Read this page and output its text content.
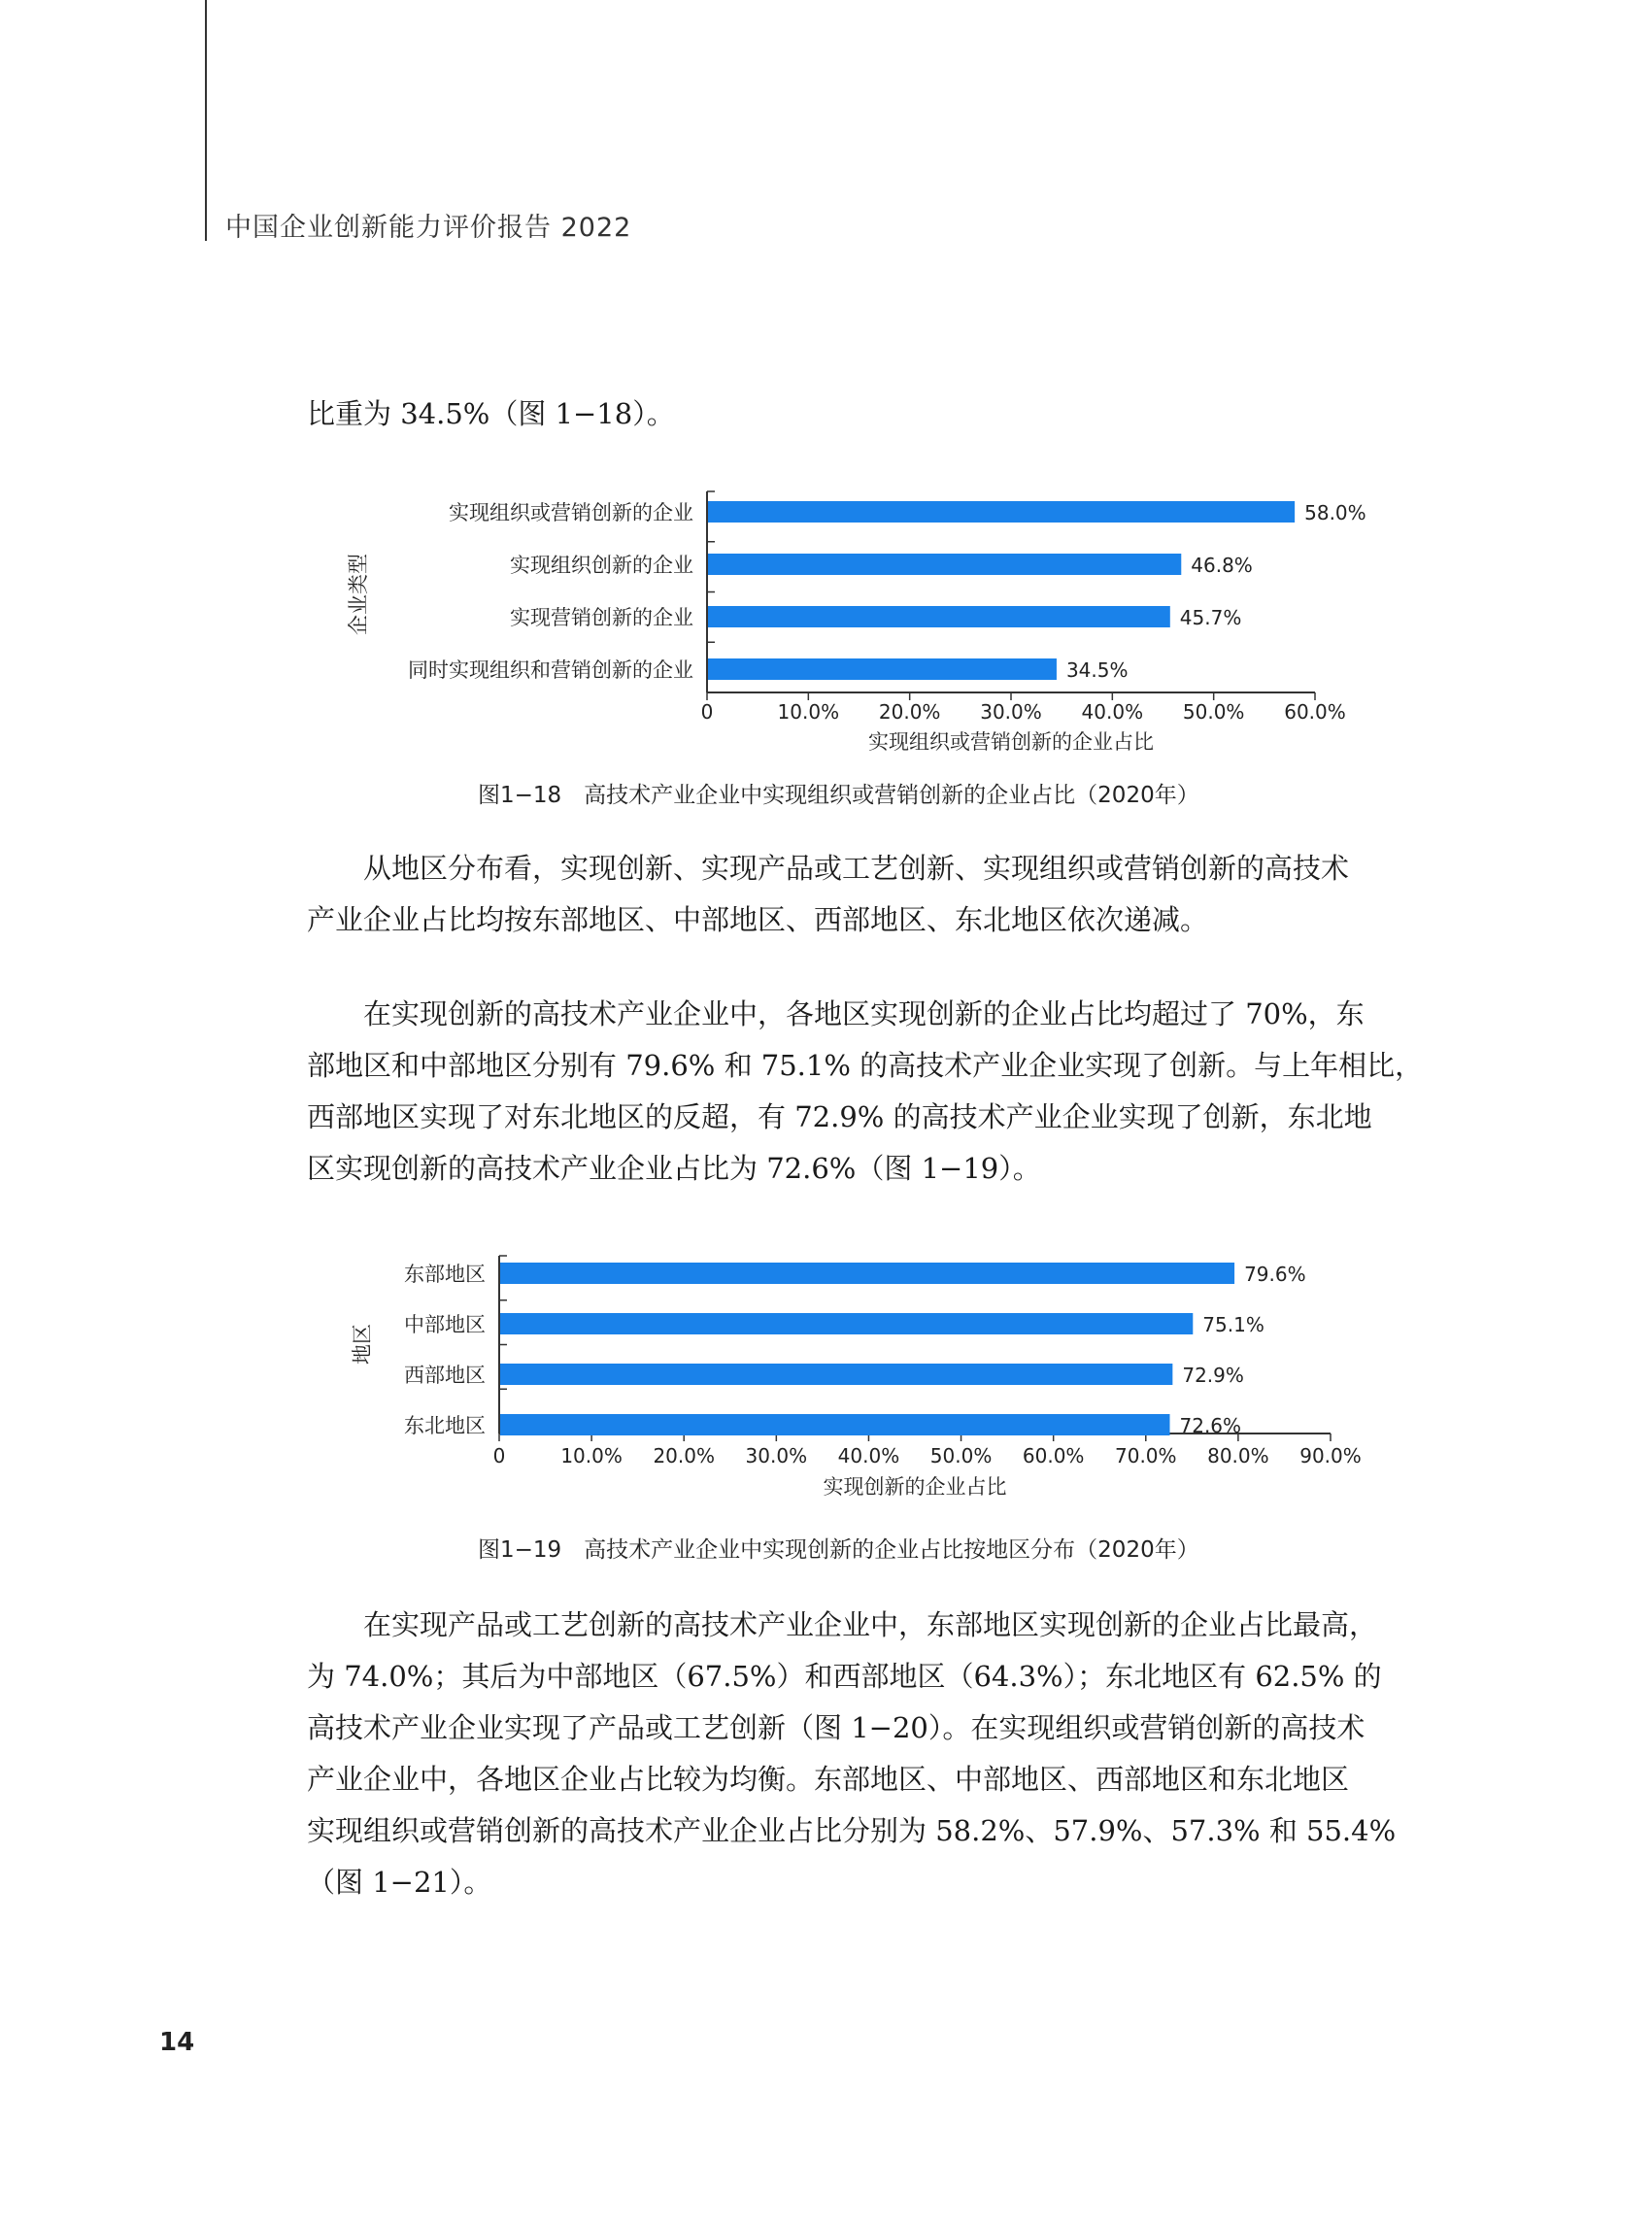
中国企业创新能力评价报告 2022
比重为 34.5%（图 1−18）。
0	10.0% 20.0% 30.0% 40.0% 50.0% 60.0%
实现组织或营销创新的企业	58.0%
实现组织创新的企业	46.8%
实现营销创新的企业	45.7%
同时实现组织和营销创新的企业	34.5%
实现组织或营销创新的企业占比
企业类型
0	10.0% 20.0% 30.0% 40.0% 50.0% 60.0% 70.0% 80.0% 90.0%
东部地区	79.6%
中部地区	75.1%
西部地区	72.9%
东北地区	72.6%
实现创新的企业占比
地区
图1−18　高技术产业企业中实现组织或营销创新的企业占比（2020年）
从地区分布看，实现创新、实现产品或工艺创新、实现组织或营销创新的高技术
产业企业占比均按东部地区、中部地区、西部地区、东北地区依次递减。
在实现创新的高技术产业企业中，各地区实现创新的企业占比均超过了 70%，东
部地区和中部地区分别有 79.6% 和 75.1% 的高技术产业企业实现了创新。与上年相比，
西部地区实现了对东北地区的反超，有 72.9% 的高技术产业企业实现了创新，东北地
区实现创新的高技术产业企业占比为 72.6%（图 1−19）。
图1−19　高技术产业企业中实现创新的企业占比按地区分布（2020年）
在实现产品或工艺创新的高技术产业企业中，东部地区实现创新的企业占比最高，
为 74.0%；其后为中部地区（67.5%）和西部地区（64.3%）；东北地区有 62.5% 的
高技术产业企业实现了产品或工艺创新（图 1−20）。在实现组织或营销创新的高技术
产业企业中，各地区企业占比较为均衡。东部地区、中部地区、西部地区和东北地区
实现组织或营销创新的高技术产业企业占比分别为 58.2%、57.9%、57.3% 和 55.4%
（图 1−21）。
14
